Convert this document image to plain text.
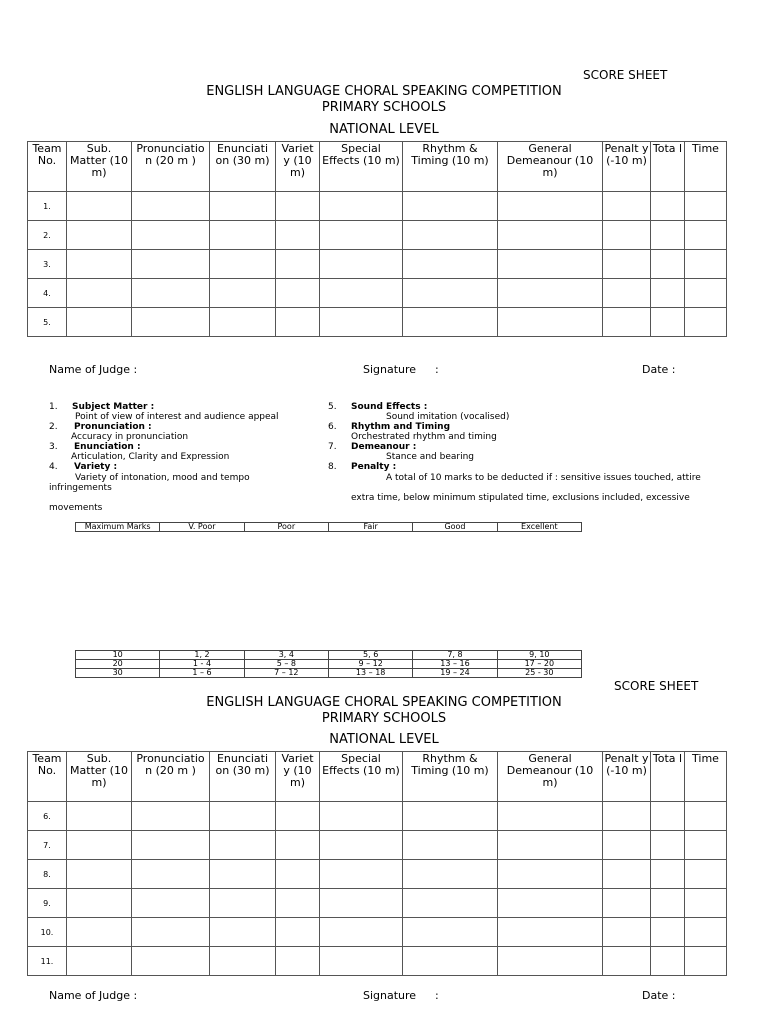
SCORE SHEET
ENGLISH LANGUAGE CHORAL SPEAKING COMPETITION
PRIMARY SCHOOLS
NATIONAL LEVEL
Team No.	Sub. Matter (10 m)	Pronunciatio n (20 m )	Enunciati on (30 m)	Variet y (10 m)	Special Effects (10 m)	Rhythm & Timing (10 m)	General Demeanour (10 m)	Penalt y (-10 m)	Tota l	Time
1.										
2.										
3.										
4.										
5.										
Name of Judge :	Signature :	Date :
1. Subject Matter :
Point of view of interest and audience appeal
2. Pronunciation :
Accuracy in pronunciation
3. Enunciation :
Articulation, Clarity and Expression
4. Variety :
Variety of intonation, mood and tempo
infringements
movements
5. Sound Effects :
Sound imitation (vocalised)
6. Rhythm and Timing
Orchestrated rhythm and timing
7. Demeanour :
Stance and bearing
8. Penalty :
A total of 10 marks to be deducted if : sensitive issues touched, attire
extra time, below minimum stipulated time, exclusions included, excessive
Maximum Marks	V. Poor	Poor	Fair	Good	Excellent
10	1, 2	3, 4	5, 6	7, 8	9, 10
20	1 - 4	5 – 8	9 – 12	13 – 16	17 – 20
30	1 – 6	7 – 12	13 – 18	19 – 24	25 - 30
SCORE SHEET
ENGLISH LANGUAGE CHORAL SPEAKING COMPETITION
PRIMARY SCHOOLS
NATIONAL LEVEL
Team No.	Sub. Matter (10 m)	Pronunciatio n (20 m )	Enunciati on (30 m)	Variet y (10 m)	Special Effects (10 m)	Rhythm & Timing (10 m)	General Demeanour (10 m)	Penalt y (-10 m)	Tota l	Time
6.										
7.										
8.										
9.										
10.										
11.										
Name of Judge :	Signature :	Date :
